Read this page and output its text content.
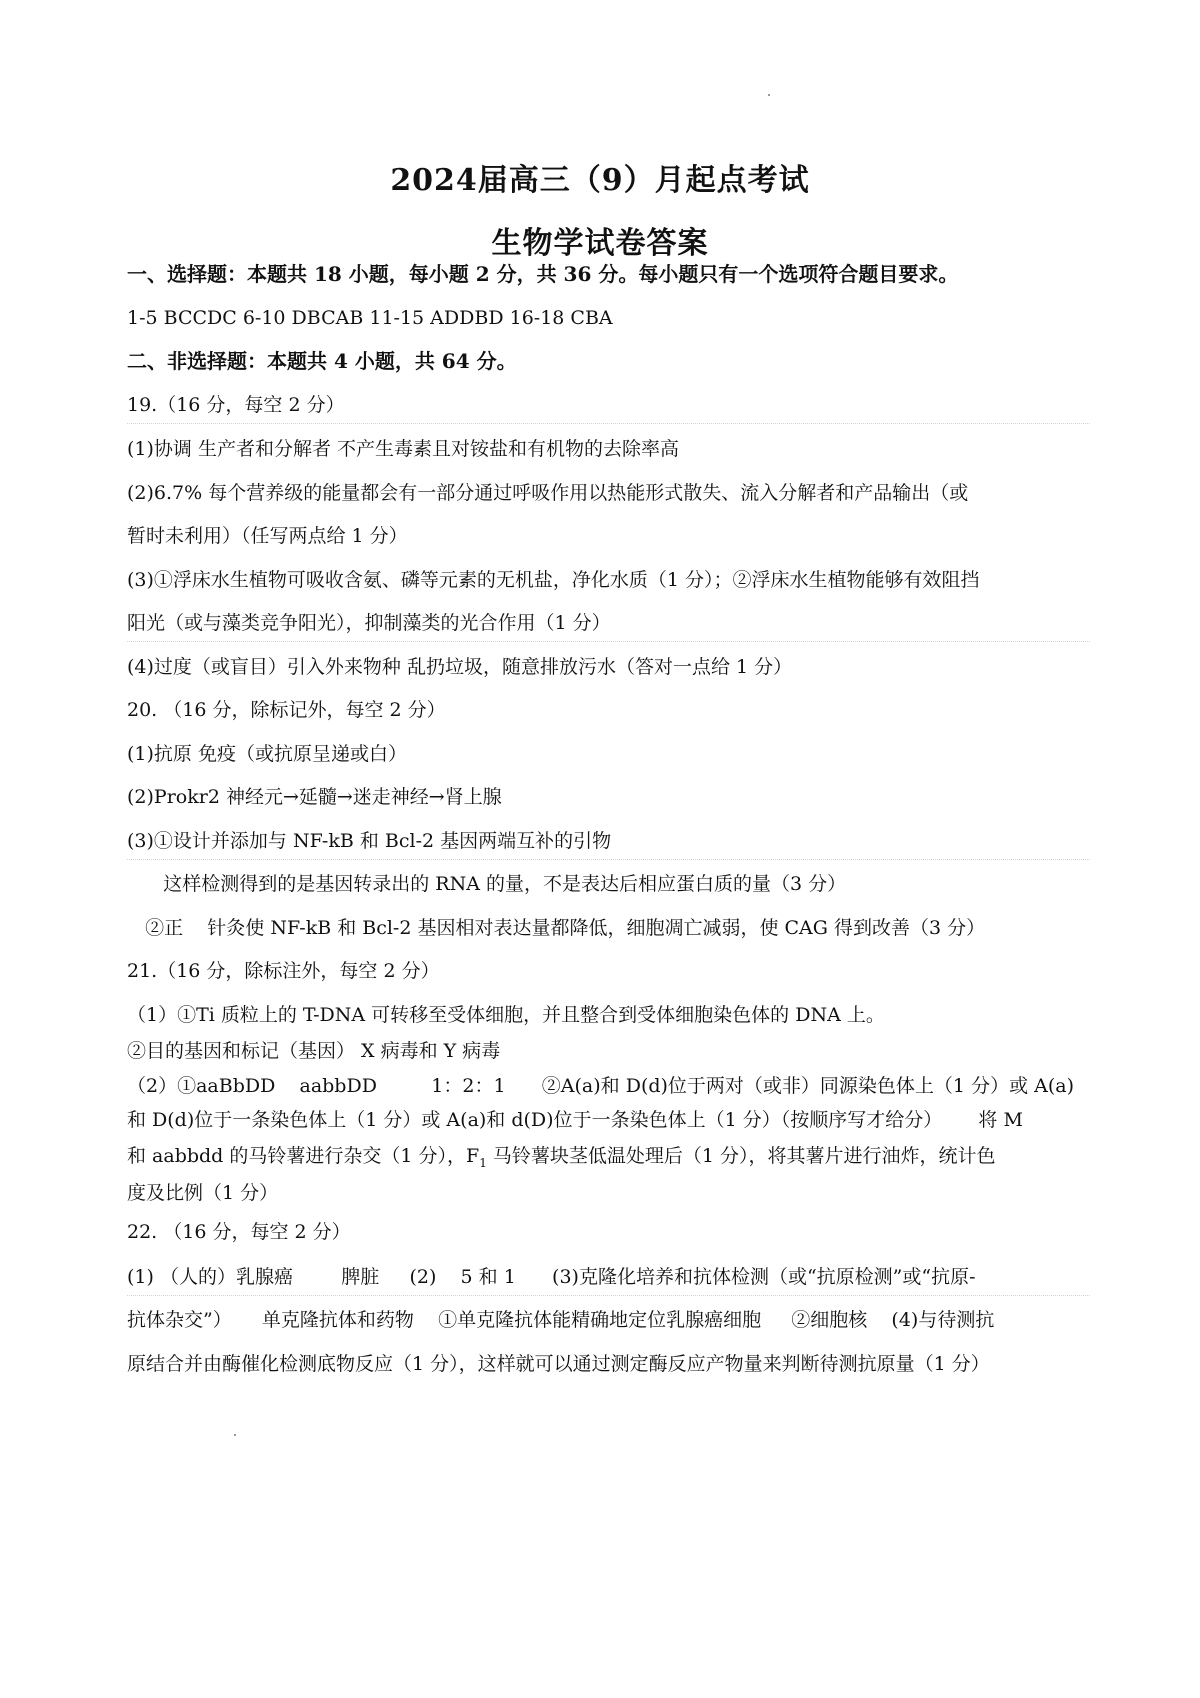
2024届高三（9）月起点考试
生物学试卷答案
一、选择题：本题共 18 小题，每小题 2 分，共 36 分。每小题只有一个选项符合题目要求。
1-5 BCCDC 6-10 DBCAB 11-15 ADDBD 16-18 CBA
二、非选择题：本题共 4 小题，共 64 分。
19.（16 分，每空 2 分）
(1)协调 生产者和分解者 不产生毒素且对铵盐和有机物的去除率高
(2)6.7% 每个营养级的能量都会有一部分通过呼吸作用以热能形式散失、流入分解者和产品输出（或
暂时未利用）（任写两点给 1 分）
(3)①浮床水生植物可吸收含氨、磷等元素的无机盐，净化水质（1 分）；②浮床水生植物能够有效阻挡
阳光（或与藻类竞争阳光），抑制藻类的光合作用（1 分）
(4)过度（或盲目）引入外来物种 乱扔垃圾，随意排放污水（答对一点给 1 分）
20. （16 分，除标记外，每空 2 分）
(1)抗原 免疫（或抗原呈递或白）
(2)Prokr2 神经元→延髓→迷走神经→肾上腺
(3)①设计并添加与 NF-kB 和 Bcl-2 基因两端互补的引物
这样检测得到的是基因转录出的 RNA 的量，不是表达后相应蛋白质的量（3 分）
②正    针灸使 NF-kB 和 Bcl-2 基因相对表达量都降低，细胞凋亡减弱，使 CAG 得到改善（3 分）
21.（16 分，除标注外，每空 2 分）
（1）①Ti 质粒上的 T-DNA 可转移至受体细胞，并且整合到受体细胞染色体的 DNA 上。
②目的基因和标记（基因） X 病毒和 Y 病毒
（2）①aaBbDD    aabbDD         1：2：1      ②A(a)和 D(d)位于两对（或非）同源染色体上（1 分）或 A(a)
和 D(d)位于一条染色体上（1 分）或 A(a)和 d(D)位于一条染色体上（1 分）（按顺序写才给分）      将 M
和 aabbdd 的马铃薯进行杂交（1 分），$F_1$ 马铃薯块茎低温处理后（1 分），将其薯片进行油炸，统计色
度及比例（1 分）
22. （16 分，每空 2 分）
(1) （人的）乳腺癌        脾脏     (2)    5 和 1      (3)克隆化培养和抗体检测（或“抗原检测”或“抗原-
抗体杂交”）     单克隆抗体和药物    ①单克隆抗体能精确地定位乳腺癌细胞     ②细胞核    (4)与待测抗
原结合并由酶催化检测底物反应（1 分），这样就可以通过测定酶反应产物量来判断待测抗原量（1 分）
